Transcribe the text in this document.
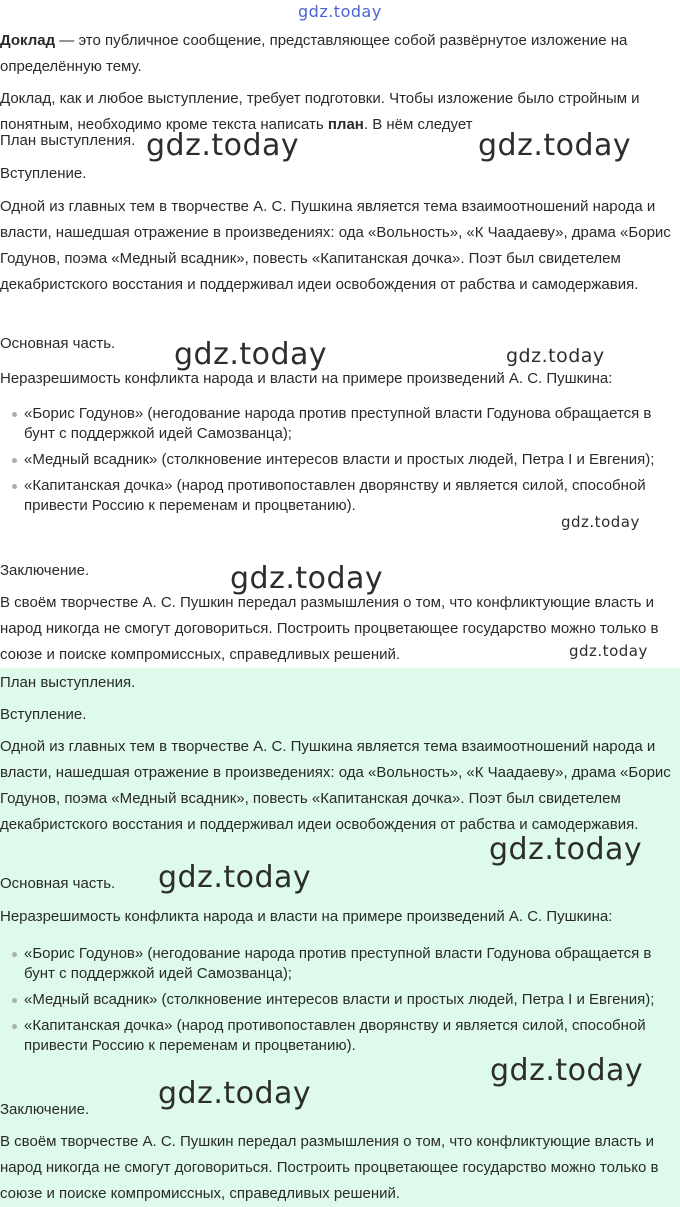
gdz.today

Доклад — это публичное сообщение, представляющее собой развёрнутое изложение на определённую тему.

Доклад, как и любое выступление, требует подготовки. Чтобы изложение было стройным и понятным, необходимо кроме текста написать план. В нём следует

План выступления.

Вступление.

Одной из главных тем в творчестве А. С. Пушкина является тема взаимоотношений народа и власти, нашедшая отражение в произведениях: ода «Вольность», «К Чаадаеву», драма «Борис Годунов, поэма «Медный всадник», повесть «Капитанская дочка». Поэт был свидетелем декабристского восстания и поддерживал идеи освобождения от рабства и самодержавия.

Основная часть.

Неразрешимость конфликта народа и власти на примере произведений А. С. Пушкина:

«Борис Годунов» (негодование народа против преступной власти Годунова обращается в бунт с поддержкой идей Самозванца);
«Медный всадник» (столкновение интересов власти и простых людей, Петра I и Евгения);
«Капитанская дочка» (народ противопоставлен дворянству и является силой, способной привести Россию к переменам и процветанию).

Заключение.

В своём творчестве А. С. Пушкин передал размышления о том, что конфликтующие власть и народ никогда не смогут договориться. Построить процветающее государство можно только в союзе и поиске компромиссных, справедливых решений.

gdz.today	gdz.today
gdz.today	gdz.today
gdz.today
gdz.today
gdz.today

План выступления.

Вступление.

Одной из главных тем в творчестве А. С. Пушкина является тема взаимоотношений народа и власти, нашедшая отражение в произведениях: ода «Вольность», «К Чаадаеву», драма «Борис Годунов, поэма «Медный всадник», повесть «Капитанская дочка». Поэт был свидетелем декабристского восстания и поддерживал идеи освобождения от рабства и самодержавия.

Основная часть.

Неразрешимость конфликта народа и власти на примере произведений А. С. Пушкина:

«Борис Годунов» (негодование народа против преступной власти Годунова обращается в бунт с поддержкой идей Самозванца);
«Медный всадник» (столкновение интересов власти и простых людей, Петра I и Евгения);
«Капитанская дочка» (народ противопоставлен дворянству и является силой, способной привести Россию к переменам и процветанию).

Заключение.

В своём творчестве А. С. Пушкин передал размышления о том, что конфликтующие власть и народ никогда не смогут договориться. Построить процветающее государство можно только в союзе и поиске компромиссных, справедливых решений.

gdz.today
gdz.today
gdz.today
gdz.today
